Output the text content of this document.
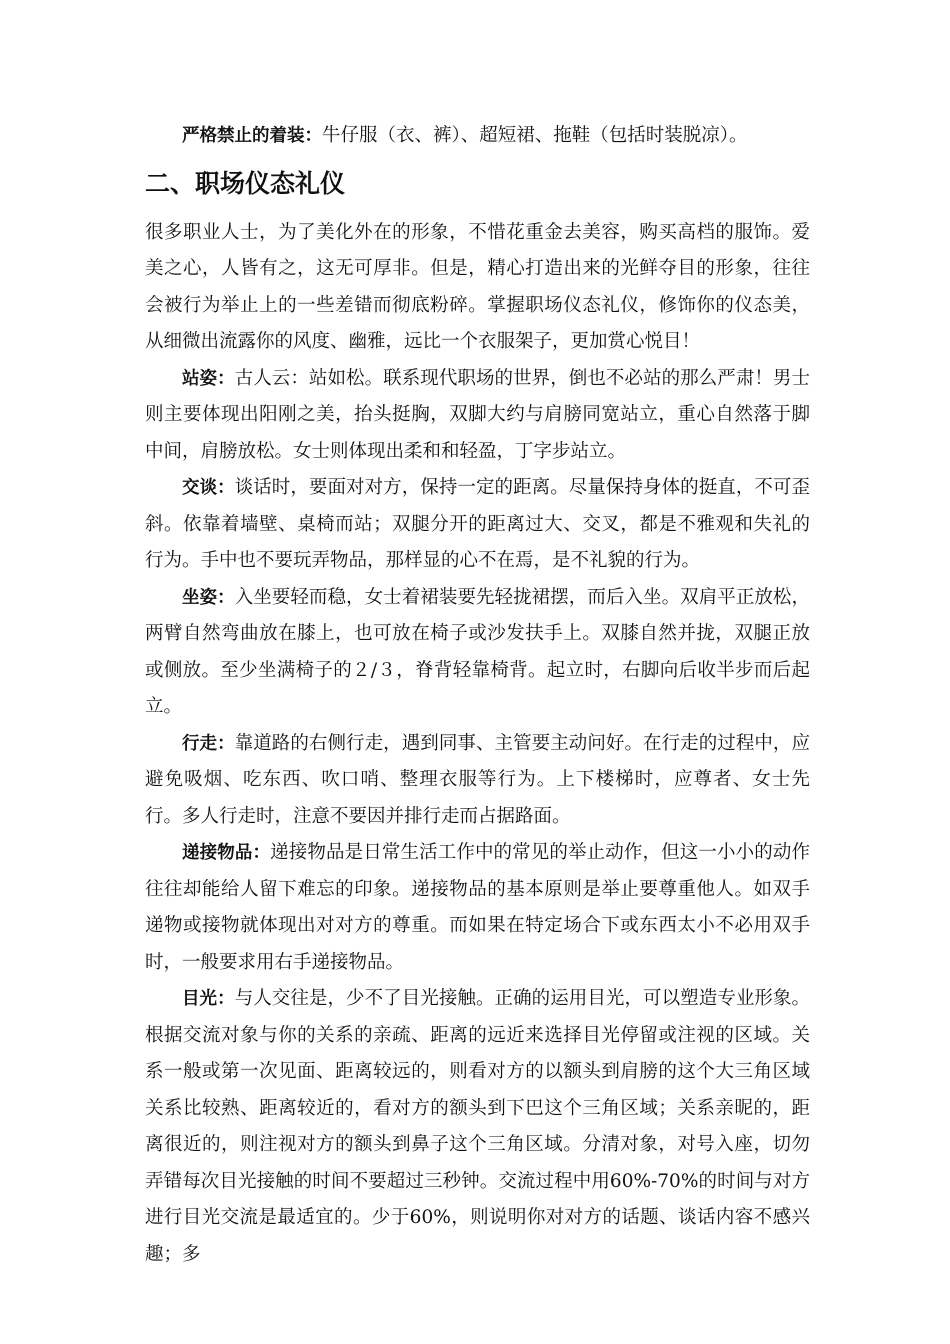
严格禁止的着装：牛仔服（衣、裤）、超短裙、拖鞋（包括时装脱凉）。

二、职场仪态礼仪

很多职业人士，为了美化外在的形象，不惜花重金去美容，购买高档的服饰。爱美之心，人皆有之，这无可厚非。但是，精心打造出来的光鲜夺目的形象，往往会被行为举止上的一些差错而彻底粉碎。掌握职场仪态礼仪，修饰你的仪态美，从细微出流露你的风度、幽雅，远比一个衣服架子，更加赏心悦目！

站姿：古人云：站如松。联系现代职场的世界，倒也不必站的那么严肃！男士则主要体现出阳刚之美，抬头挺胸，双脚大约与肩膀同宽站立，重心自然落于脚中间，肩膀放松。女士则体现出柔和和轻盈，丁字步站立。

交谈：谈话时，要面对对方，保持一定的距离。尽量保持身体的挺直，不可歪斜。依靠着墙壁、桌椅而站；双腿分开的距离过大、交叉，都是不雅观和失礼的行为。手中也不要玩弄物品，那样显的心不在焉，是不礼貌的行为。

坐姿：入坐要轻而稳，女士着裙装要先轻拢裙摆，而后入坐。双肩平正放松，两臂自然弯曲放在膝上，也可放在椅子或沙发扶手上。双膝自然并拢，双腿正放或侧放。至少坐满椅子的２/３，脊背轻靠椅背。起立时，右脚向后收半步而后起立。

行走：靠道路的右侧行走，遇到同事、主管要主动问好。在行走的过程中，应避免吸烟、吃东西、吹口哨、整理衣服等行为。上下楼梯时，应尊者、女士先行。多人行走时，注意不要因并排行走而占据路面。

递接物品：递接物品是日常生活工作中的常见的举止动作，但这一小小的动作往往却能给人留下难忘的印象。递接物品的基本原则是举止要尊重他人。如双手递物或接物就体现出对对方的尊重。而如果在特定场合下或东西太小不必用双手时，一般要求用右手递接物品。

目光：与人交往是，少不了目光接触。正确的运用目光，可以塑造专业形象。根据交流对象与你的关系的亲疏、距离的远近来选择目光停留或注视的区域。关系一般或第一次见面、距离较远的，则看对方的以额头到肩膀的这个大三角区域关系比较熟、距离较近的，看对方的额头到下巴这个三角区域；关系亲昵的，距离很近的，则注视对方的额头到鼻子这个三角区域。分清对象，对号入座，切勿弄错每次目光接触的时间不要超过三秒钟。交流过程中用60%-70%的时间与对方进行目光交流是最适宜的。少于60%，则说明你对对方的话题、谈话内容不感兴趣；多
